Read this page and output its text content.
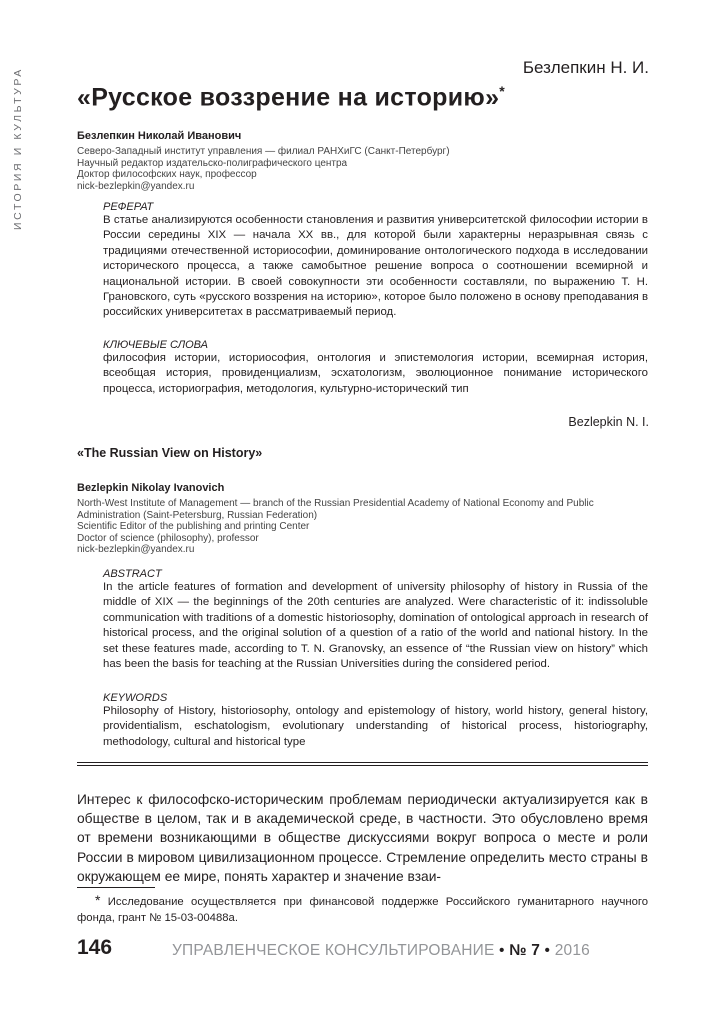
ИСТОРИЯ И КУЛЬТУРА	Безлепкин Н. И.
«Русское воззрение на историю»*
Безлепкин Николай Иванович
Северо-Западный институт управления — филиал РАНХиГС (Санкт-Петербург)
Научный редактор издательско-полиграфического центра
Доктор философских наук, профессор
nick-bezlepkin@yandex.ru
РЕФЕРАТ
В статье анализируются особенности становления и развития университетской философии истории в России середины XIX — начала XX вв., для которой были характерны неразрывная связь с традициями отечественной историософии, доминирование онтологического подхода в исследовании исторического процесса, а также самобытное решение вопроса о соотношении всемирной и национальной истории. В своей совокупности эти особенности составляли, по выражению Т. Н. Грановского, суть «русского воззрения на историю», которое было положено в основу преподавания в российских университетах в рассматриваемый период.
КЛЮЧЕВЫЕ СЛОВА
философия истории, историософия, онтология и эпистемология истории, всемирная история, всеобщая история, провиденциализм, эсхатологизм, эволюционное понимание исторического процесса, историография, методология, культурно-исторический тип
Bezlepkin N. I.
«The Russian View on History»
Bezlepkin Nikolay Ivanovich
North-West Institute of Management — branch of the Russian Presidential Academy of National Economy and Public Administration (Saint-Petersburg, Russian Federation)
Scientific Editor of the publishing and printing Center
Doctor of science (philosophy), professor
nick-bezlepkin@yandex.ru
ABSTRACT
In the article features of formation and development of university philosophy of history in Russia of the middle of XIX — the beginnings of the 20th centuries are analyzed. Were characteristic of it: indissoluble communication with traditions of a domestic historiosophy, domination of ontological approach in research of historical process, and the original solution of a question of a ratio of the world and national history. In the set these features made, according to T. N. Granovsky, an essence of “the Russian view on history” which has been the basis for teaching at the Russian Universities during the considered period.
KEYWORDS
Philosophy of History, historiosophy, ontology and epistemology of history, world history, general history, providentialism, eschatologism, evolutionary understanding of historical process, historiography, methodology, cultural and historical type
Интерес к философско-историческим проблемам периодически актуализируется как в обществе в целом, так и в академической среде, в частности. Это обусловлено время от времени возникающими в обществе дискуссиями вокруг вопроса о месте и роли России в мировом цивилизационном процессе. Стремление определить место страны в окружающем ее мире, понять характер и значение взаи-
* Исследование осуществляется при финансовой поддержке Российского гуманитарного научного фонда, грант № 15-03-00488а.
146	УПРАВЛЕНЧЕСКОЕ КОНСУЛЬТИРОВАНИЕ • № 7 • 2016
